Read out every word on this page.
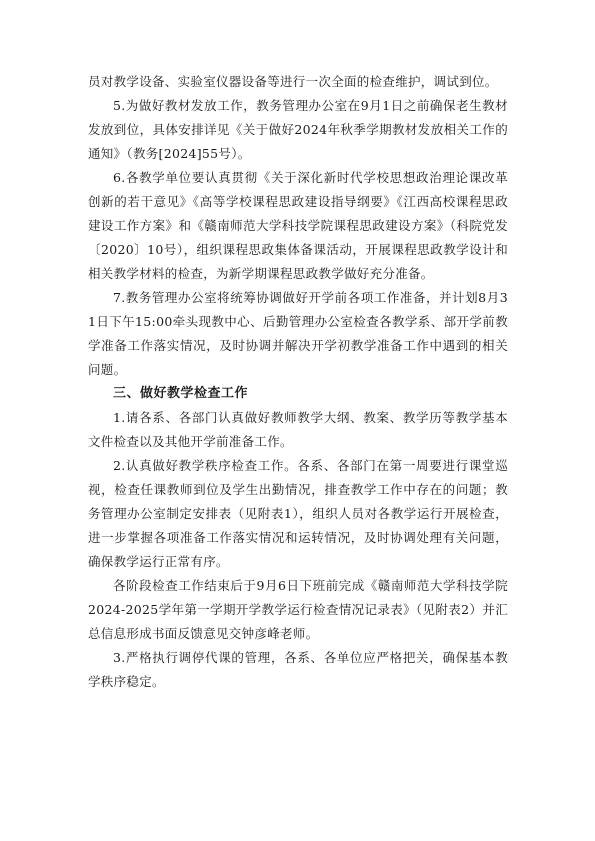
员对教学设备、实验室仪器设备等进行一次全面的检查维护，调试到位。

5.为做好教材发放工作，教务管理办公室在9月1日之前确保老生教材发放到位，具体安排详见《关于做好2024年秋季学期教材发放相关工作的通知》（教务[2024]55号）。

6.各教学单位要认真贯彻《关于深化新时代学校思想政治理论课改革创新的若干意见》《高等学校课程思政建设指导纲要》《江西高校课程思政建设工作方案》和《赣南师范大学科技学院课程思政建设方案》（科院党发〔2020〕10号），组织课程思政集体备课活动，开展课程思政教学设计和相关教学材料的检查，为新学期课程思政教学做好充分准备。

7.教务管理办公室将统筹协调做好开学前各项工作准备，并计划8月31日下午15:00牵头现教中心、后勤管理办公室检查各教学系、部开学前教学准备工作落实情况，及时协调并解决开学初教学准备工作中遇到的相关问题。

三、做好教学检查工作

1.请各系、各部门认真做好教师教学大纲、教案、教学历等教学基本文件检查以及其他开学前准备工作。

2.认真做好教学秩序检查工作。各系、各部门在第一周要进行课堂巡视，检查任课教师到位及学生出勤情况，排查教学工作中存在的问题；教务管理办公室制定安排表（见附表1），组织人员对各教学运行开展检查，进一步掌握各项准备工作落实情况和运转情况，及时协调处理有关问题，确保教学运行正常有序。

各阶段检查工作结束后于9月6日下班前完成《赣南师范大学科技学院2024-2025学年第一学期开学教学运行检查情况记录表》（见附表2）并汇总信息形成书面反馈意见交钟彦峰老师。

3.严格执行调停代课的管理，各系、各单位应严格把关，确保基本教学秩序稳定。
